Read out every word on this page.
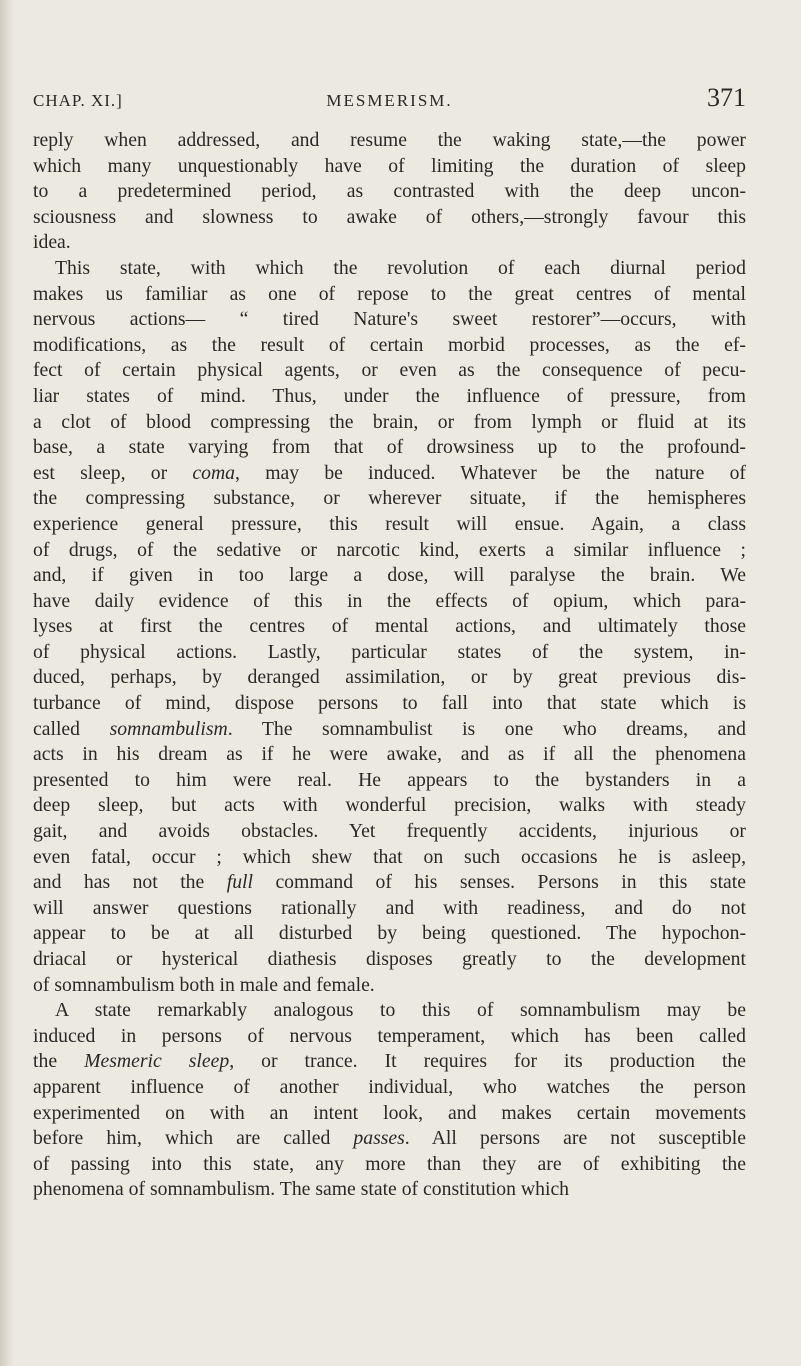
CHAP. XI.]	MESMERISM.	371
reply when addressed, and resume the waking state,—the power
which many unquestionably have of limiting the duration of sleep
to a predetermined period, as contrasted with the deep uncon-
sciousness and slowness to awake of others,—strongly favour this
idea.
This state, with which the revolution of each diurnal period
makes us familiar as one of repose to the great centres of mental
nervous actions— “ tired Nature's sweet restorer”—occurs, with
modifications, as the result of certain morbid processes, as the ef-
fect of certain physical agents, or even as the consequence of pecu-
liar states of mind. Thus, under the influence of pressure, from
a clot of blood compressing the brain, or from lymph or fluid at its
base, a state varying from that of drowsiness up to the profound-
est sleep, or coma, may be induced. Whatever be the nature of
the compressing substance, or wherever situate, if the hemispheres
experience general pressure, this result will ensue. Again, a class
of drugs, of the sedative or narcotic kind, exerts a similar influence ;
and, if given in too large a dose, will paralyse the brain. We
have daily evidence of this in the effects of opium, which para-
lyses at first the centres of mental actions, and ultimately those
of physical actions. Lastly, particular states of the system, in-
duced, perhaps, by deranged assimilation, or by great previous dis-
turbance of mind, dispose persons to fall into that state which is
called somnambulism. The somnambulist is one who dreams, and
acts in his dream as if he were awake, and as if all the phenomena
presented to him were real. He appears to the bystanders in a
deep sleep, but acts with wonderful precision, walks with steady
gait, and avoids obstacles. Yet frequently accidents, injurious or
even fatal, occur ; which shew that on such occasions he is asleep,
and has not the full command of his senses. Persons in this state
will answer questions rationally and with readiness, and do not
appear to be at all disturbed by being questioned. The hypochon-
driacal or hysterical diathesis disposes greatly to the development
of somnambulism both in male and female.
A state remarkably analogous to this of somnambulism may be
induced in persons of nervous temperament, which has been called
the Mesmeric sleep, or trance. It requires for its production the
apparent influence of another individual, who watches the person
experimented on with an intent look, and makes certain movements
before him, which are called passes. All persons are not susceptible
of passing into this state, any more than they are of exhibiting the
phenomena of somnambulism. The same state of constitution which
